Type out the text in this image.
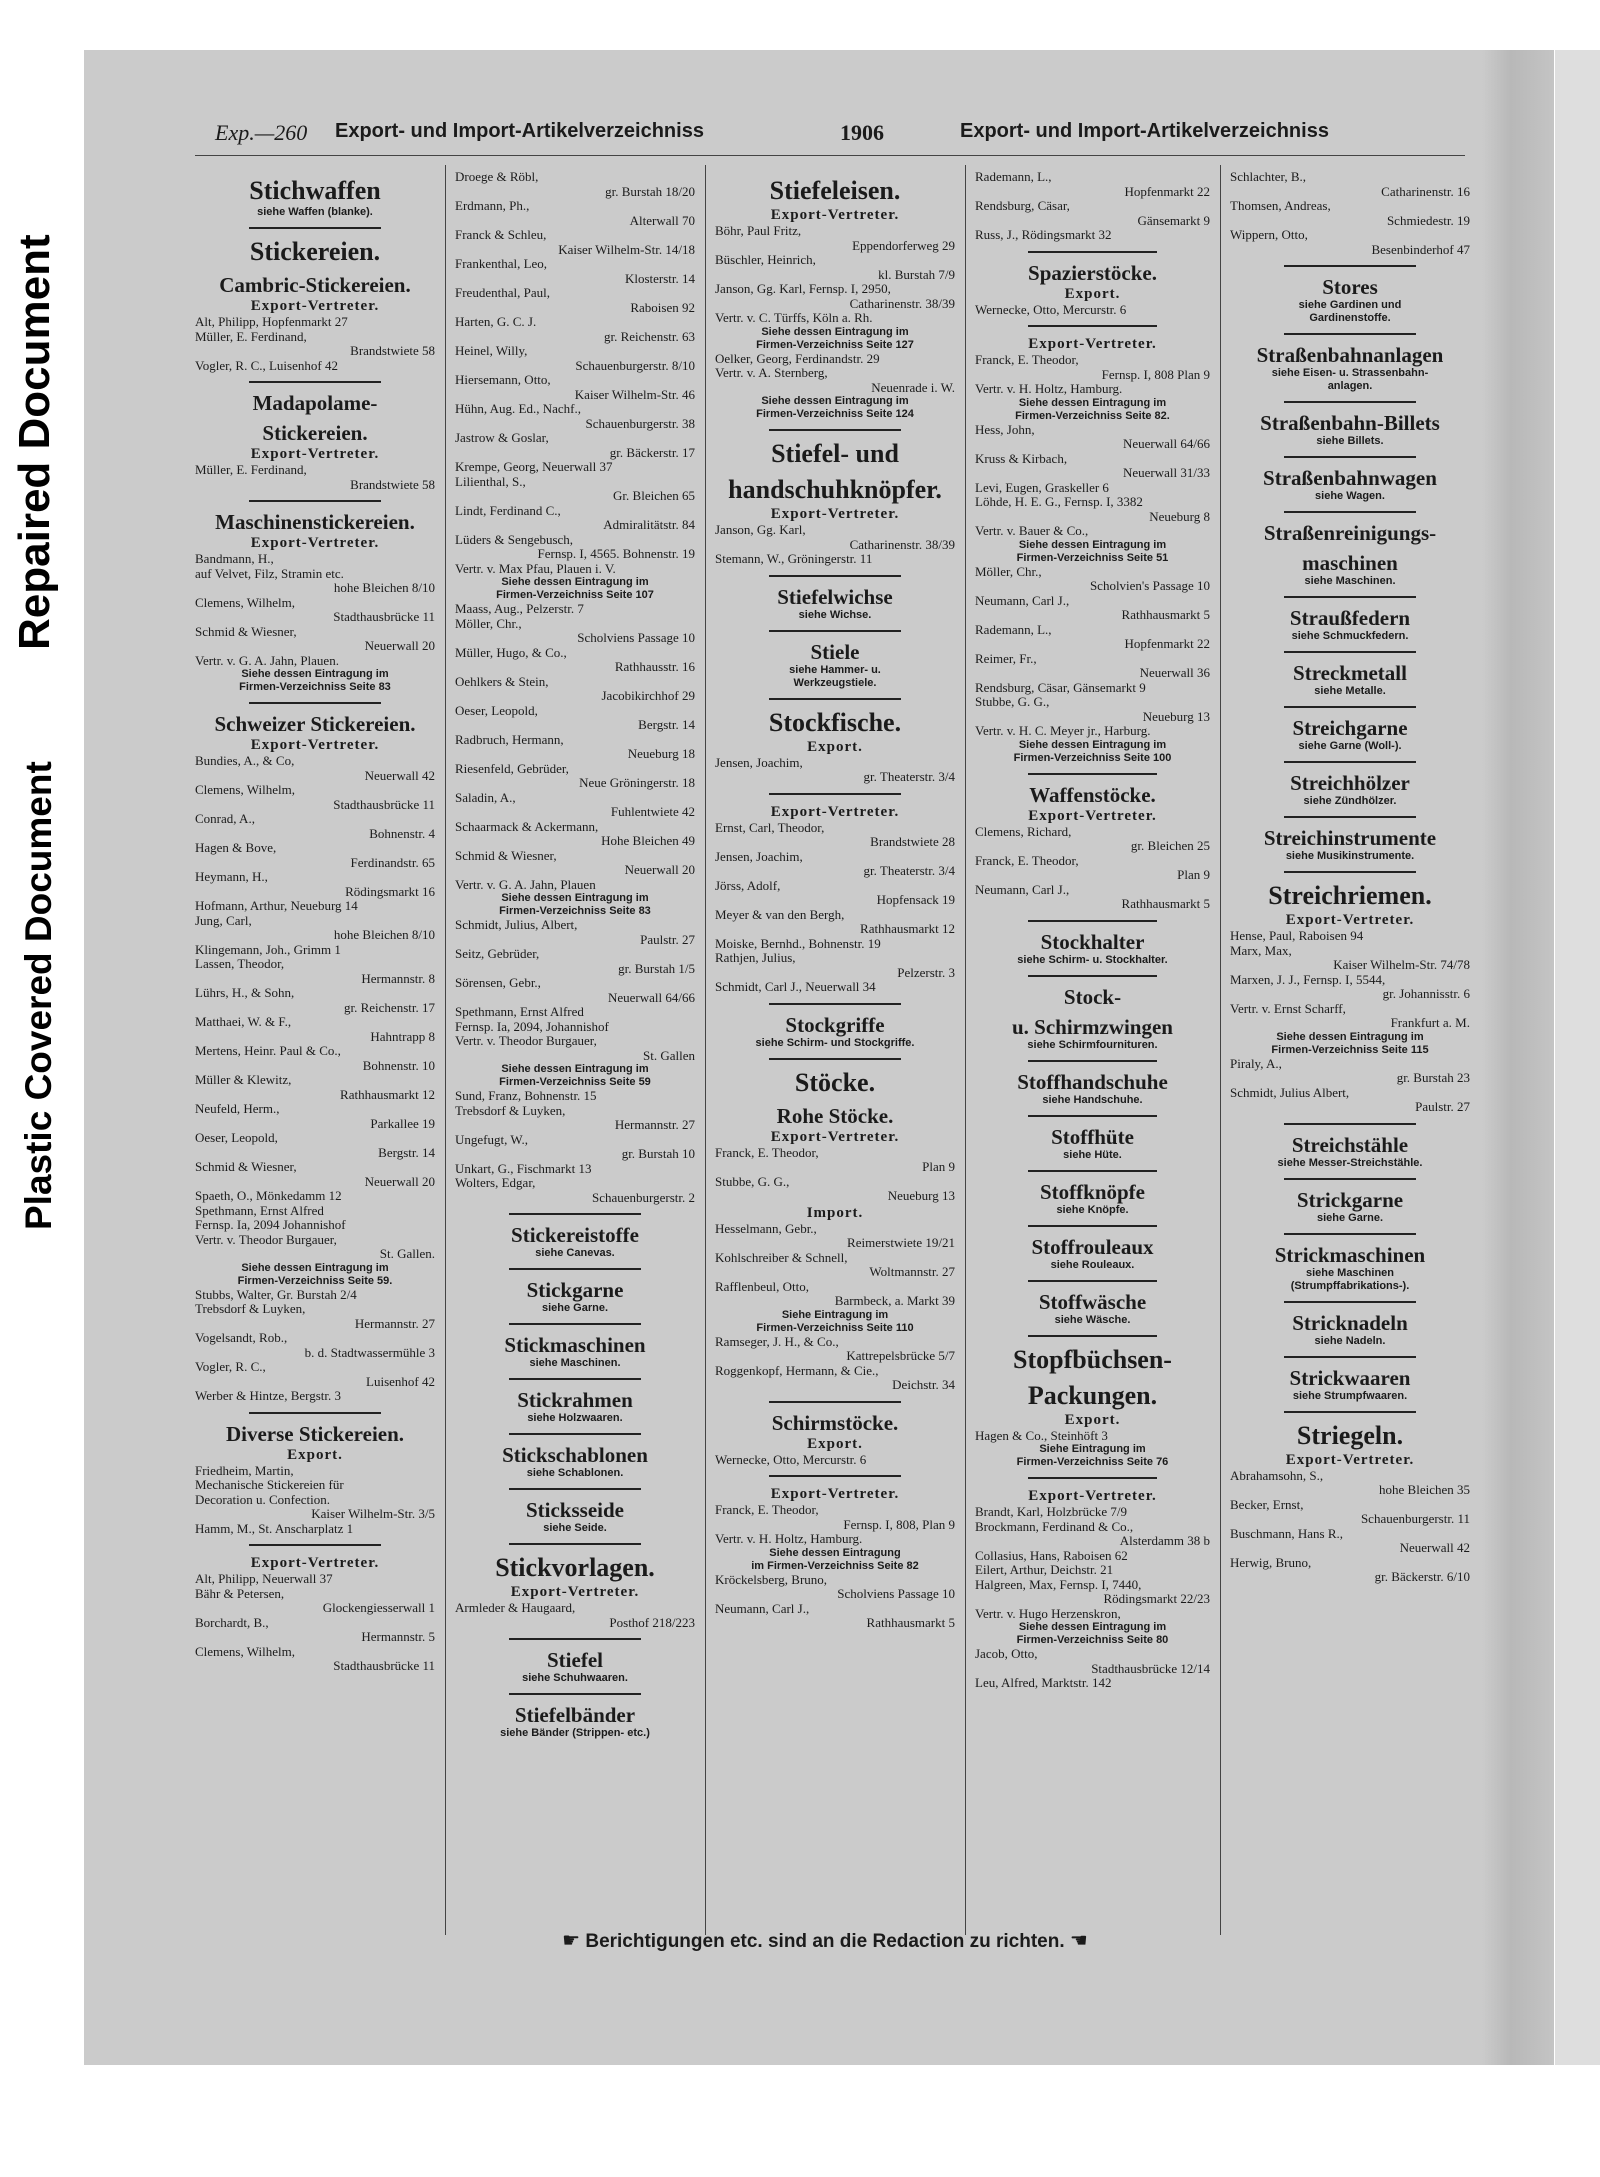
Repaired Document
Plastic Covered Document
Exp.—260 Export- und Import-Artikelverzeichniss	1906	Export- und Import-Artikelverzeichniss
Stichwaffen
siehe Waffen (blanke).
Stickereien.
Cambric-Stickereien.
Export-Vertreter.
Alt, Philipp, Hopfenmarkt 27
Müller, E. Ferdinand,
Brandstwiete 58
Vogler, R. C., Luisenhof 42
Madapolame-
Stickereien.
Export-Vertreter.
Müller, E. Ferdinand,
Brandstwiete 58
Maschinenstickereien.
Export-Vertreter.
Bandmann, H.,
auf Velvet, Filz, Stramin etc.
hohe Bleichen 8/10
Clemens, Wilhelm,
Stadthausbrücke 11
Schmid & Wiesner,
Neuerwall 20
Vertr. v. G. A. Jahn, Plauen.
Siehe dessen Eintragung im
Firmen-Verzeichniss Seite 83
Schweizer Stickereien.
Export-Vertreter.
Bundies, A., & Co,
Neuerwall 42
Clemens, Wilhelm,
Stadthausbrücke 11
Conrad, A.,
Bohnenstr. 4
Hagen & Bove,
Ferdinandstr. 65
Heymann, H.,
Rödingsmarkt 16
Hofmann, Arthur, Neueburg 14
Jung, Carl,
hohe Bleichen 8/10
Klingemann, Joh., Grimm 1
Lassen, Theodor,
Hermannstr. 8
Lührs, H., & Sohn,
gr. Reichenstr. 17
Matthaei, W. & F.,
Hahntrapp 8
Mertens, Heinr. Paul & Co.,
Bohnenstr. 10
Müller & Klewitz,
Rathhausmarkt 12
Neufeld, Herm.,
Parkallee 19
Oeser, Leopold,
Bergstr. 14
Schmid & Wiesner,
Neuerwall 20
Spaeth, O., Mönkedamm 12
Spethmann, Ernst Alfred
Fernsp. Ia, 2094 Johannishof
Vertr. v. Theodor Burgauer,
St. Gallen.
Siehe dessen Eintragung im
Firmen-Verzeichniss Seite 59.
Stubbs, Walter, Gr. Burstah 2/4
Trebsdorf & Luyken,
Hermannstr. 27
Vogelsandt, Rob.,
b. d. Stadtwassermühle 3
Vogler, R. C.,
Luisenhof 42
Werber & Hintze, Bergstr. 3
Diverse Stickereien.
Export.
Friedheim, Martin,
Mechanische Stickereien für
Decoration u. Confection.
Kaiser Wilhelm-Str. 3/5
Hamm, M., St. Anscharplatz 1
Export-Vertreter.
Alt, Philipp, Neuerwall 37
Bähr & Petersen,
Glockengiesserwall 1
Borchardt, B.,
Hermannstr. 5
Clemens, Wilhelm,
Stadthausbrücke 11
Droege & Röbl,
gr. Burstah 18/20
Erdmann, Ph.,
Alterwall 70
Franck & Schleu,
Kaiser Wilhelm-Str. 14/18
Frankenthal, Leo,
Klosterstr. 14
Freudenthal, Paul,
Raboisen 92
Harten, G. C. J.
gr. Reichenstr. 63
Heinel, Willy,
Schauenburgerstr. 8/10
Hiersemann, Otto,
Kaiser Wilhelm-Str. 46
Hühn, Aug. Ed., Nachf.,
Schauenburgerstr. 38
Jastrow & Goslar,
gr. Bäckerstr. 17
Krempe, Georg, Neuerwall 37
Lilienthal, S.,
Gr. Bleichen 65
Lindt, Ferdinand C.,
Admiralitätstr. 84
Lüders & Sengebusch,
Fernsp. I, 4565. Bohnenstr. 19
Vertr. v. Max Pfau, Plauen i. V.
Siehe dessen Eintragung im
Firmen-Verzeichniss Seite 107
Maass, Aug., Pelzerstr. 7
Möller, Chr.,
Scholviens Passage 10
Müller, Hugo, & Co.,
Rathhausstr. 16
Oehlkers & Stein,
Jacobikirchhof 29
Oeser, Leopold,
Bergstr. 14
Radbruch, Hermann,
Neueburg 18
Riesenfeld, Gebrüder,
Neue Gröningerstr. 18
Saladin, A.,
Fuhlentwiete 42
Schaarmack & Ackermann,
Hohe Bleichen 49
Schmid & Wiesner,
Neuerwall 20
Vertr. v. G. A. Jahn, Plauen
Siehe dessen Eintragung im
Firmen-Verzeichniss Seite 83
Schmidt, Julius, Albert,
Paulstr. 27
Seitz, Gebrüder,
gr. Burstah 1/5
Sörensen, Gebr.,
Neuerwall 64/66
Spethmann, Ernst Alfred
Fernsp. Ia, 2094, Johannishof
Vertr. v. Theodor Burgauer,
St. Gallen
Siehe dessen Eintragung im
Firmen-Verzeichniss Seite 59
Sund, Franz, Bohnenstr. 15
Trebsdorf & Luyken,
Hermannstr. 27
Ungefugt, W.,
gr. Burstah 10
Unkart, G., Fischmarkt 13
Wolters, Edgar,
Schauenburgerstr. 2
Stickereistoffe
siehe Canevas.
Stickgarne
siehe Garne.
Stickmaschinen
siehe Maschinen.
Stickrahmen
siehe Holzwaaren.
Stickschablonen
siehe Schablonen.
Sticksseide
siehe Seide.
Stickvorlagen.
Export-Vertreter.
Armleder & Haugaard,
Posthof 218/223
Stiefel
siehe Schuhwaaren.
Stiefelbänder
siehe Bänder (Strippen- etc.)
Stiefeleisen.
Export-Vertreter.
Böhr, Paul Fritz,
Eppendorferweg 29
Büschler, Heinrich,
kl. Burstah 7/9
Janson, Gg. Karl, Fernsp. I, 2950,
Catharinenstr. 38/39
Vertr. v. C. Türffs, Köln a. Rh.
Siehe dessen Eintragung im
Firmen-Verzeichniss Seite 127
Oelker, Georg, Ferdinandstr. 29
Vertr. v. A. Sternberg,
Neuenrade i. W.
Siehe dessen Eintragung im
Firmen-Verzeichniss Seite 124
Stiefel- und
handschuhknöpfer.
Export-Vertreter.
Janson, Gg. Karl,
Catharinenstr. 38/39
Stemann, W., Gröningerstr. 11
Stiefelwichse
siehe Wichse.
Stiele
siehe Hammer- u.
Werkzeugstiele.
Stockfische.
Export.
Jensen, Joachim,
gr. Theaterstr. 3/4
Export-Vertreter.
Ernst, Carl, Theodor,
Brandstwiete 28
Jensen, Joachim,
gr. Theaterstr. 3/4
Jörss, Adolf,
Hopfensack 19
Meyer & van den Bergh,
Rathhausmarkt 12
Moiske, Bernhd., Bohnenstr. 19
Rathjen, Julius,
Pelzerstr. 3
Schmidt, Carl J., Neuerwall 34
Stockgriffe
siehe Schirm- und Stockgriffe.
Stöcke.
Rohe Stöcke.
Export-Vertreter.
Franck, E. Theodor,
Plan 9
Stubbe, G. G.,
Neueburg 13
Import.
Hesselmann, Gebr.,
Reimerstwiete 19/21
Kohlschreiber & Schnell,
Woltmannstr. 27
Rafflenbeul, Otto,
Barmbeck, a. Markt 39
Siehe Eintragung im
Firmen-Verzeichniss Seite 110
Ramseger, J. H., & Co.,
Kattrepelsbrücke 5/7
Roggenkopf, Hermann, & Cie.,
Deichstr. 34
Schirmstöcke.
Export.
Wernecke, Otto, Mercurstr. 6
Export-Vertreter.
Franck, E. Theodor,
Fernsp. I, 808, Plan 9
Vertr. v. H. Holtz, Hamburg.
Siehe dessen Eintragung
im Firmen-Verzeichniss Seite 82
Kröckelsberg, Bruno,
Scholviens Passage 10
Neumann, Carl J.,
Rathhausmarkt 5
Rademann, L.,
Hopfenmarkt 22
Rendsburg, Cäsar,
Gänsemarkt 9
Russ, J., Rödingsmarkt 32
Spazierstöcke.
Export.
Wernecke, Otto, Mercurstr. 6
Export-Vertreter.
Franck, E. Theodor,
Fernsp. I, 808 Plan 9
Vertr. v. H. Holtz, Hamburg.
Siehe dessen Eintragung im
Firmen-Verzeichniss Seite 82.
Hess, John,
Neuerwall 64/66
Kruss & Kirbach,
Neuerwall 31/33
Levi, Eugen, Graskeller 6
Löhde, H. E. G., Fernsp. I, 3382
Neueburg 8
Vertr. v. Bauer & Co.,
Siehe dessen Eintragung im
Firmen-Verzeichniss Seite 51
Möller, Chr.,
Scholvien's Passage 10
Neumann, Carl J.,
Rathhausmarkt 5
Rademann, L.,
Hopfenmarkt 22
Reimer, Fr.,
Neuerwall 36
Rendsburg, Cäsar, Gänsemarkt 9
Stubbe, G. G.,
Neueburg 13
Vertr. v. H. C. Meyer jr., Harburg.
Siehe dessen Eintragung im
Firmen-Verzeichniss Seite 100
Waffenstöcke.
Export-Vertreter.
Clemens, Richard,
gr. Bleichen 25
Franck, E. Theodor,
Plan 9
Neumann, Carl J.,
Rathhausmarkt 5
Stockhalter
siehe Schirm- u. Stockhalter.
Stock-
u. Schirmzwingen
siehe Schirmfournituren.
Stoffhandschuhe
siehe Handschuhe.
Stoffhüte
siehe Hüte.
Stoffknöpfe
siehe Knöpfe.
Stoffrouleaux
siehe Rouleaux.
Stoffwäsche
siehe Wäsche.
Stopfbüchsen-
Packungen.
Export.
Hagen & Co., Steinhöft 3
Siehe Eintragung im
Firmen-Verzeichniss Seite 76
Export-Vertreter.
Brandt, Karl, Holzbrücke 7/9
Brockmann, Ferdinand & Co.,
Alsterdamm 38 b
Collasius, Hans, Raboisen 62
Eilert, Arthur, Deichstr. 21
Halgreen, Max, Fernsp. I, 7440,
Rödingsmarkt 22/23
Vertr. v. Hugo Herzenskron,
Siehe dessen Eintragung im
Firmen-Verzeichniss Seite 80
Jacob, Otto,
Stadthausbrücke 12/14
Leu, Alfred, Marktstr. 142
Schlachter, B.,
Catharinenstr. 16
Thomsen, Andreas,
Schmiedestr. 19
Wippern, Otto,
Besenbinderhof 47
Stores
siehe Gardinen und
Gardinenstoffe.
Straßenbahnanlagen
siehe Eisen- u. Strassenbahn-
anlagen.
Straßenbahn-Billets
siehe Billets.
Straßenbahnwagen
siehe Wagen.
Straßenreinigungs-
maschinen
siehe Maschinen.
Straußfedern
siehe Schmuckfedern.
Streckmetall
siehe Metalle.
Streichgarne
siehe Garne (Woll-).
Streichhölzer
siehe Zündhölzer.
Streichinstrumente
siehe Musikinstrumente.
Streichriemen.
Export-Vertreter.
Hense, Paul, Raboisen 94
Marx, Max,
Kaiser Wilhelm-Str. 74/78
Marxen, J. J., Fernsp. I, 5544,
gr. Johannisstr. 6
Vertr. v. Ernst Scharff,
Frankfurt a. M.
Siehe dessen Eintragung im
Firmen-Verzeichniss Seite 115
Piraly, A.,
gr. Burstah 23
Schmidt, Julius Albert,
Paulstr. 27
Streichstähle
siehe Messer-Streichstähle.
Strickgarne
siehe Garne.
Strickmaschinen
siehe Maschinen
(Strumpffabrikations-).
Stricknadeln
siehe Nadeln.
Strickwaaren
siehe Strumpfwaaren.
Striegeln.
Export-Vertreter.
Abrahamsohn, S.,
hohe Bleichen 35
Becker, Ernst,
Schauenburgerstr. 11
Buschmann, Hans R.,
Neuerwall 42
Herwig, Bruno,
gr. Bäckerstr. 6/10
☛ Berichtigungen etc. sind an die Redaction zu richten. ☚
